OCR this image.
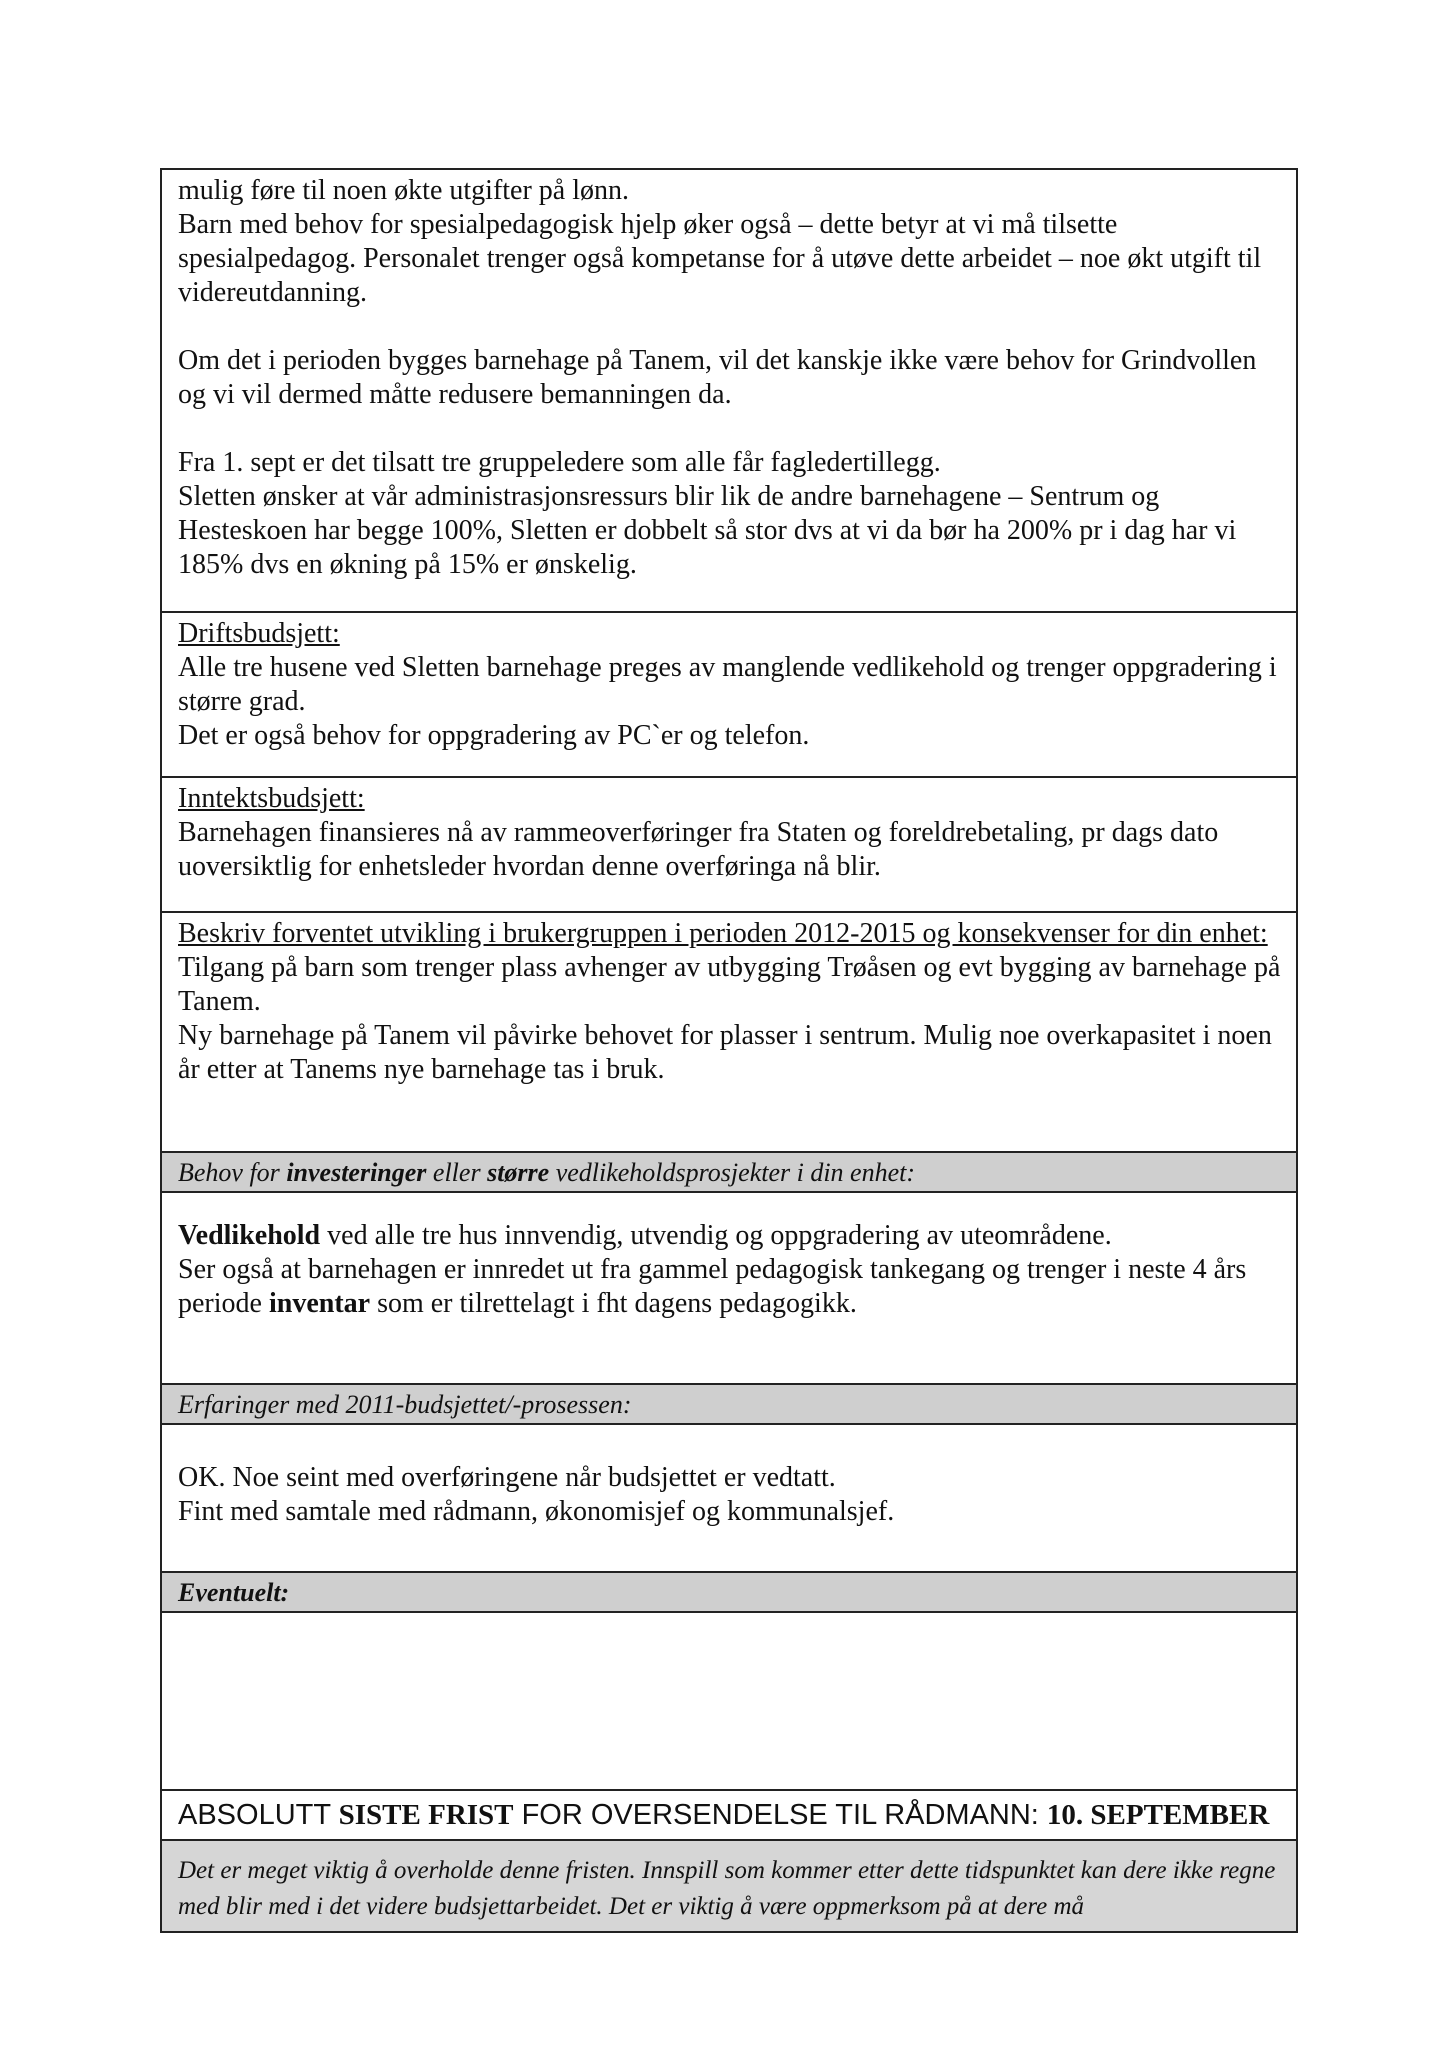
mulig føre til noen økte utgifter på lønn.

Barn med behov for spesialpedagogisk hjelp øker også – dette betyr at vi må tilsette spesialpedagog. Personalet trenger også kompetanse for å utøve dette arbeidet – noe økt utgift til videreutdanning.

Om det i perioden bygges barnehage på Tanem, vil det kanskje ikke være behov for Grindvollen og vi vil dermed måtte redusere bemanningen da.

Fra 1. sept er det tilsatt tre gruppeledere som alle får fagledertillegg.

Sletten ønsker at vår administrasjonsressurs blir lik de andre barnehagene – Sentrum og Hesteskoen har begge 100%, Sletten er dobbelt så stor dvs at vi da bør ha 200% pr i dag har vi 185% dvs en økning på 15% er ønskelig.

Driftsbudsjett:

Alle tre husene ved Sletten barnehage preges av manglende vedlikehold og trenger oppgradering i større grad.

Det er også behov for oppgradering av PC`er og telefon.

Inntektsbudsjett:

Barnehagen finansieres nå av rammeoverføringer fra Staten og foreldrebetaling, pr dags dato uoversiktlig for enhetsleder hvordan denne overføringa nå blir.

Beskriv forventet utvikling i brukergruppen i perioden 2012-2015 og konsekvenser for din enhet:

Tilgang på barn som trenger plass avhenger av utbygging Trøåsen og evt bygging av barnehage på Tanem.

Ny barnehage på Tanem vil påvirke behovet for plasser i sentrum. Mulig noe overkapasitet i noen år etter at Tanems nye barnehage tas i bruk.

Behov for investeringer eller større vedlikeholdsprosjekter i din enhet:

Vedlikehold ved alle tre hus innvendig, utvendig og oppgradering av uteområdene.

Ser også at barnehagen er innredet ut fra gammel pedagogisk tankegang og trenger i neste 4 års periode inventar som er tilrettelagt i fht dagens pedagogikk.

Erfaringer med 2011-budsjettet/-prosessen:

OK. Noe seint med overføringene når budsjettet er vedtatt.

Fint med samtale med rådmann, økonomisjef og kommunalsjef.

Eventuelt:

ABSOLUTT SISTE FRIST FOR OVERSENDELSE TIL RÅDMANN: 10. SEPTEMBER

Det er meget viktig å overholde denne fristen. Innspill som kommer etter dette tidspunktet kan dere ikke regne med blir med i det videre budsjettarbeidet. Det er viktig å være oppmerksom på at dere må
